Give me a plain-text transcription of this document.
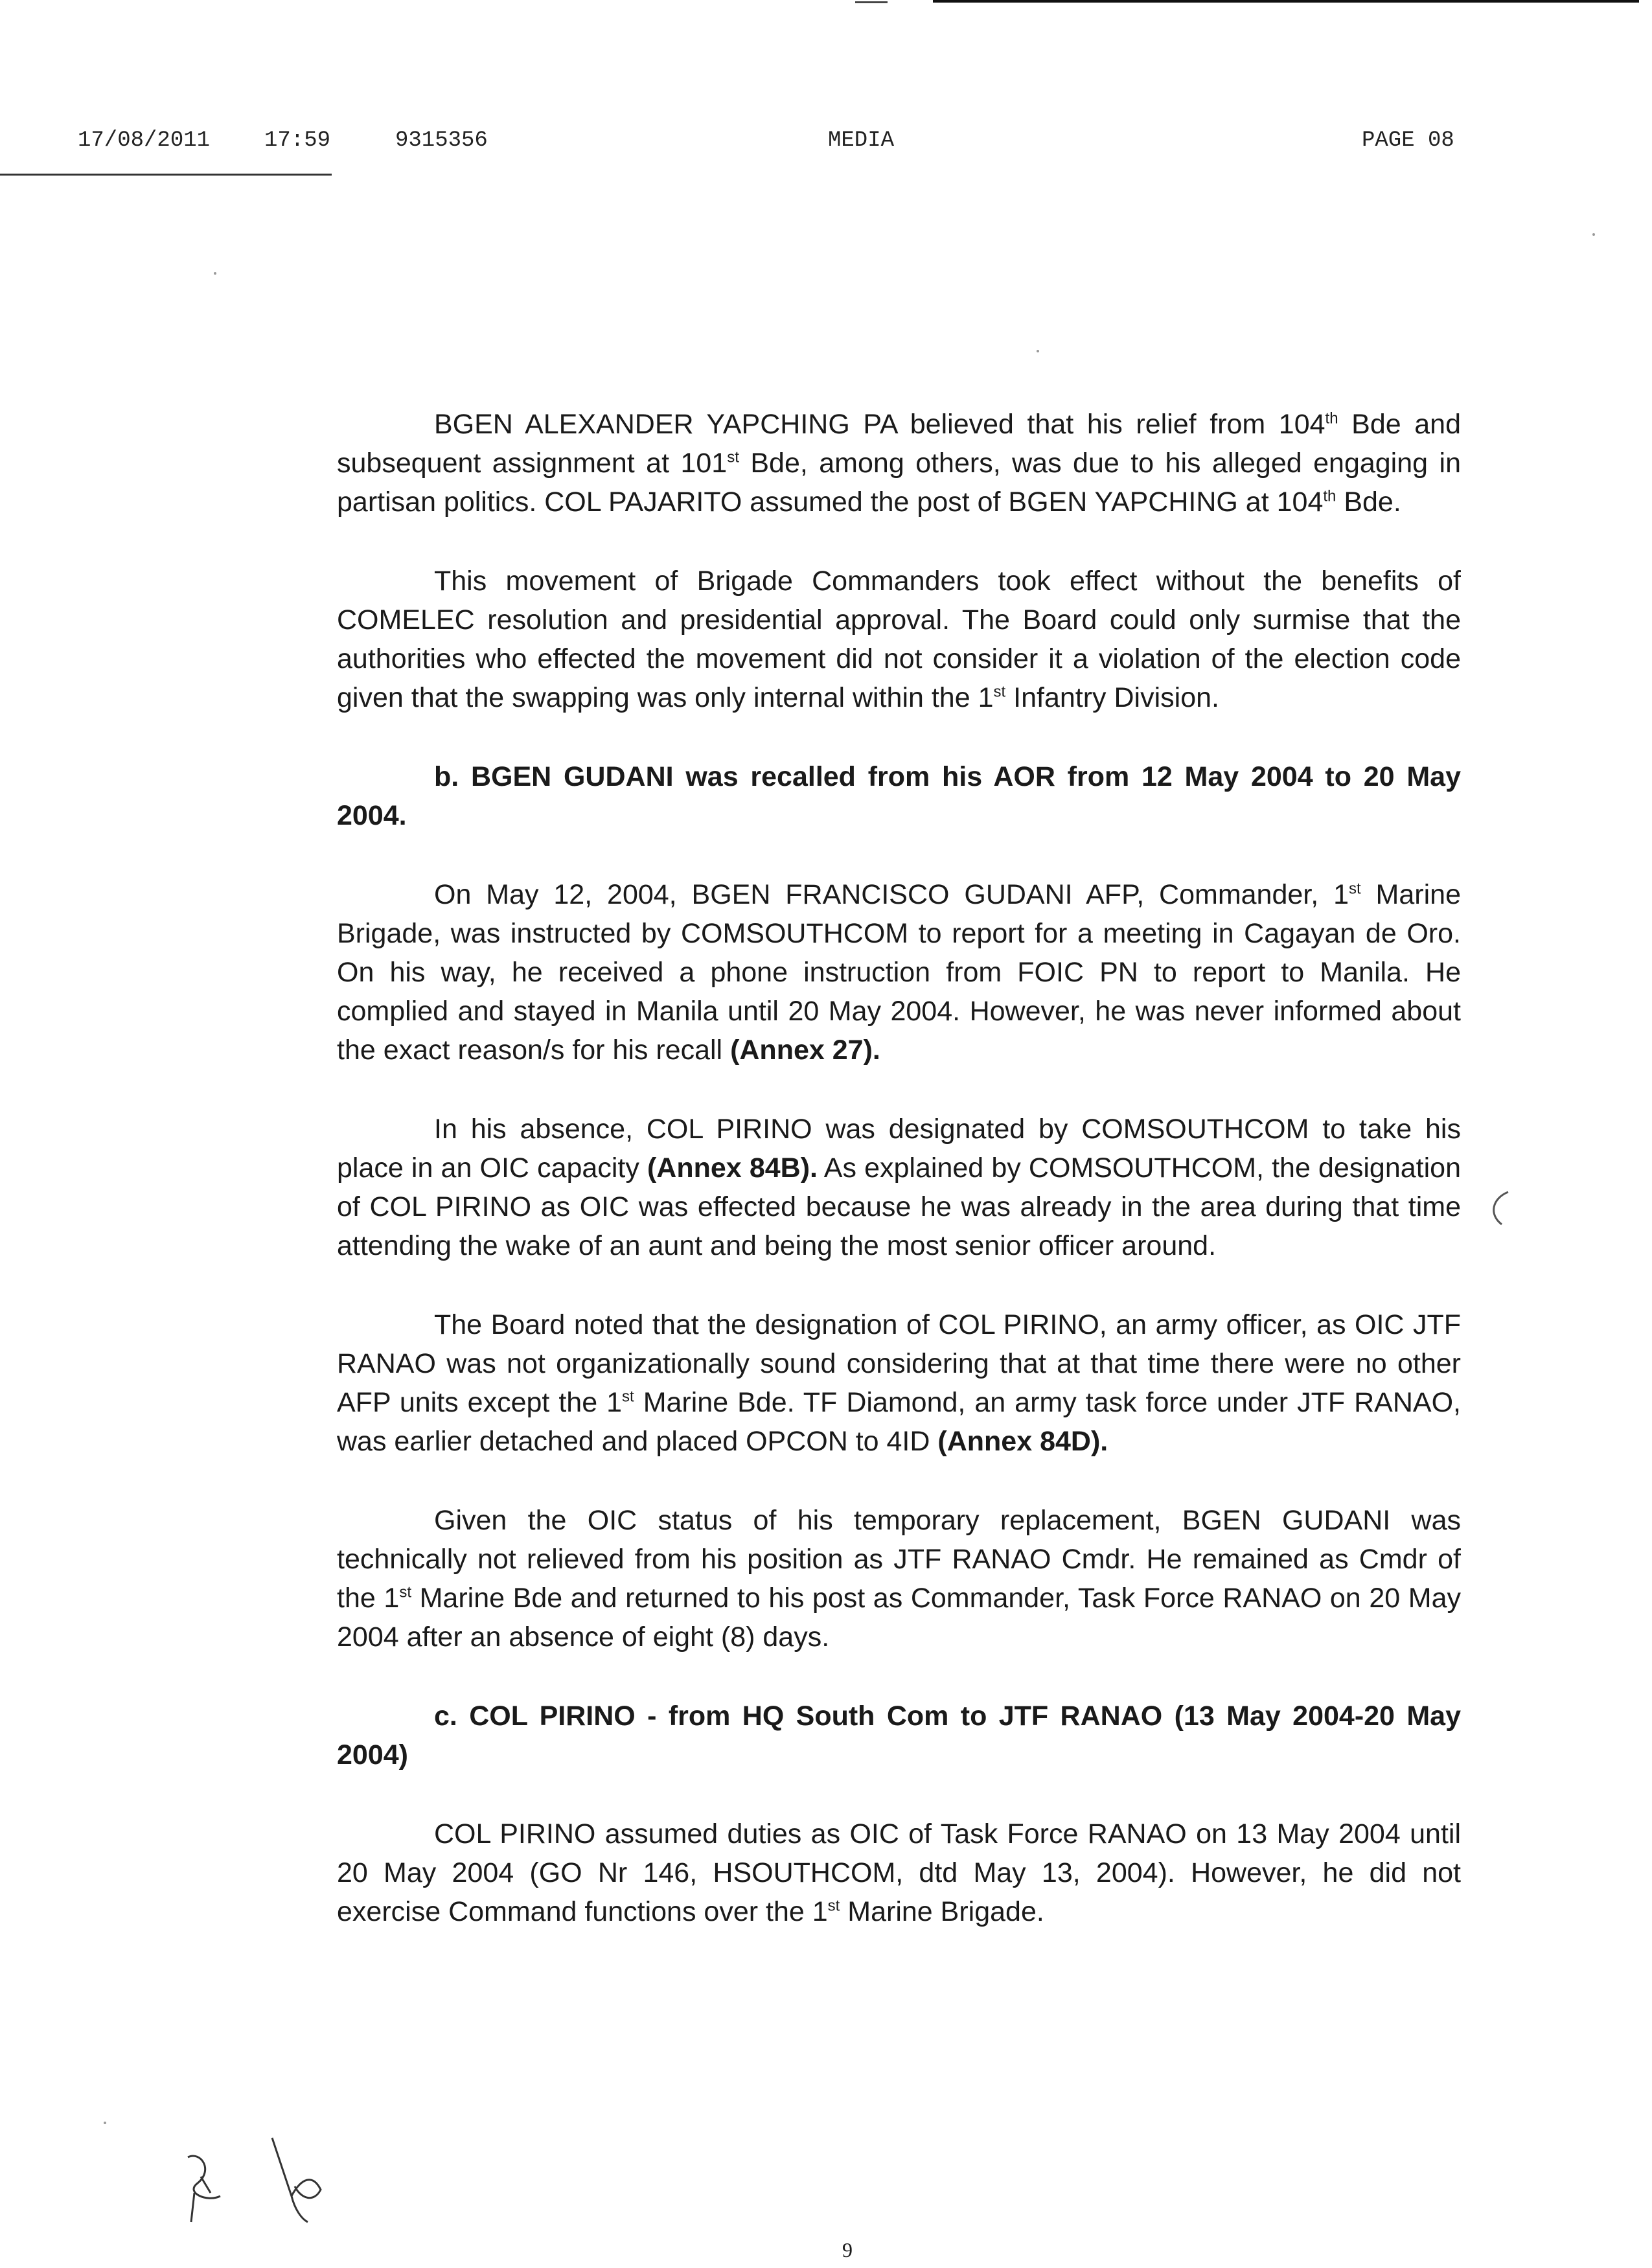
17/08/2011 17:59	9315356	MEDIA	PAGE 08

BGEN ALEXANDER YAPCHING PA believed that his relief from 104th Bde and subsequent assignment at 101st Bde, among others, was due to his alleged engaging in partisan politics. COL PAJARITO assumed the post of BGEN YAPCHING at 104th Bde.

This movement of Brigade Commanders took effect without the benefits of COMELEC resolution and presidential approval. The Board could only surmise that the authorities who effected the movement did not consider it a violation of the election code given that the swapping was only internal within the 1st Infantry Division.

b. BGEN GUDANI was recalled from his AOR from 12 May 2004 to 20 May 2004.

On May 12, 2004, BGEN FRANCISCO GUDANI AFP, Commander, 1st Marine Brigade, was instructed by COMSOUTHCOM to report for a meeting in Cagayan de Oro. On his way, he received a phone instruction from FOIC PN to report to Manila. He complied and stayed in Manila until 20 May 2004. However, he was never informed about the exact reason/s for his recall (Annex 27).

In his absence, COL PIRINO was designated by COMSOUTHCOM to take his place in an OIC capacity (Annex 84B). As explained by COMSOUTHCOM, the designation of COL PIRINO as OIC was effected because he was already in the area during that time attending the wake of an aunt and being the most senior officer around.

The Board noted that the designation of COL PIRINO, an army officer, as OIC JTF RANAO was not organizationally sound considering that at that time there were no other AFP units except the 1st Marine Bde. TF Diamond, an army task force under JTF RANAO, was earlier detached and placed OPCON to 4ID (Annex 84D).

Given the OIC status of his temporary replacement, BGEN GUDANI was technically not relieved from his position as JTF RANAO Cmdr. He remained as Cmdr of the 1st Marine Bde and returned to his post as Commander, Task Force RANAO on 20 May 2004 after an absence of eight (8) days.

c. COL PIRINO - from HQ South Com to JTF RANAO (13 May 2004-20 May 2004)

COL PIRINO assumed duties as OIC of Task Force RANAO on 13 May 2004 until 20 May 2004 (GO Nr 146, HSOUTHCOM, dtd May 13, 2004). However, he did not exercise Command functions over the 1st Marine Brigade.

9
